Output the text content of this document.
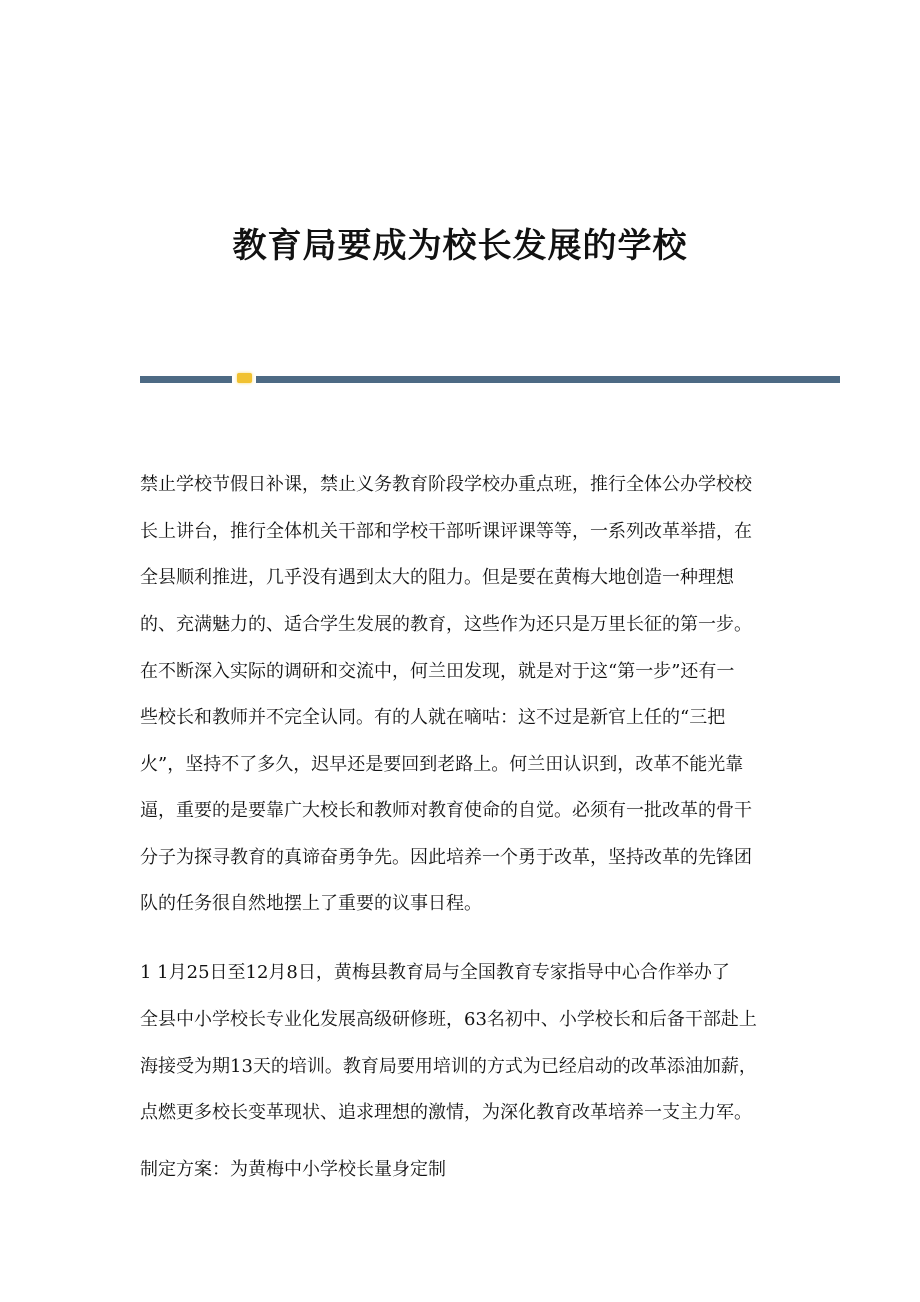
教育局要成为校长发展的学校
禁止学校节假日补课，禁止义务教育阶段学校办重点班，推行全体公办学校校
长上讲台，推行全体机关干部和学校干部听课评课等等，一系列改革举措，在
全县顺利推进，几乎没有遇到太大的阻力。但是要在黄梅大地创造一种理想
的、充满魅力的、适合学生发展的教育，这些作为还只是万里长征的第一步。
在不断深入实际的调研和交流中，何兰田发现，就是对于这“第一步”还有一
些校长和教师并不完全认同。有的人就在嘀咕：这不过是新官上任的“三把
火”，坚持不了多久，迟早还是要回到老路上。何兰田认识到，改革不能光靠
逼，重要的是要靠广大校长和教师对教育使命的自觉。必须有一批改革的骨干
分子为探寻教育的真谛奋勇争先。因此培养一个勇于改革，坚持改革的先锋团
队的任务很自然地摆上了重要的议事日程。
1 1月25日至12月8日，黄梅县教育局与全国教育专家指导中心合作举办了
全县中小学校长专业化发展高级研修班，63名初中、小学校长和后备干部赴上
海接受为期13天的培训。教育局要用培训的方式为已经启动的改革添油加薪，
点燃更多校长变革现状、追求理想的激情，为深化教育改革培养一支主力军。
制定方案：为黄梅中小学校长量身定制
